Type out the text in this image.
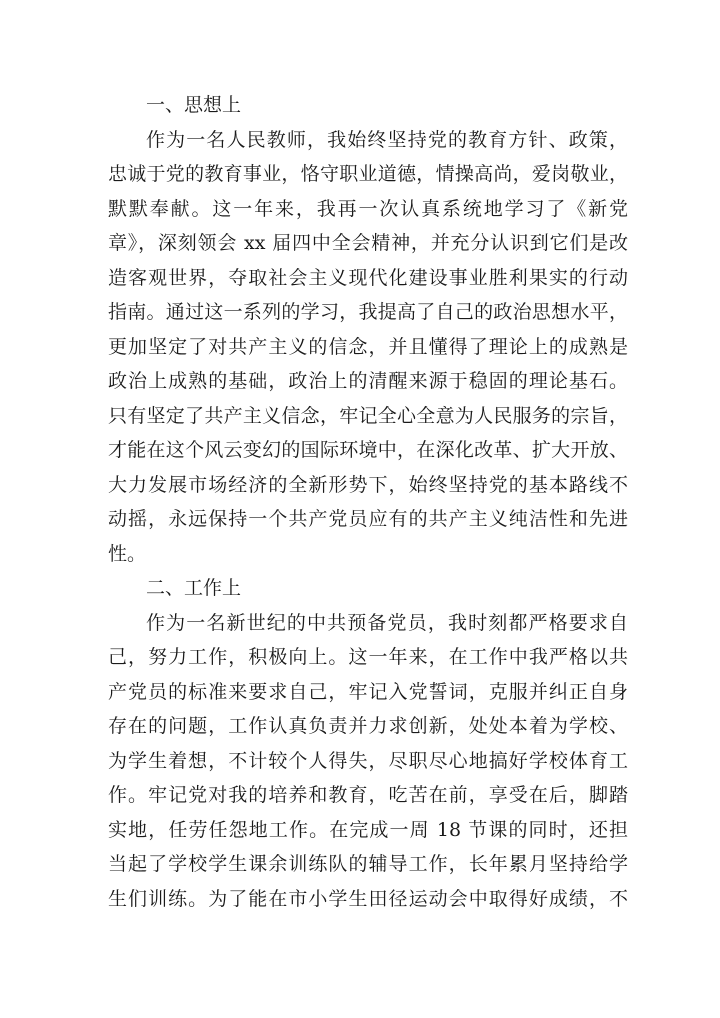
一、思想上
作为一名人民教师，我始终坚持党的教育方针、政策，
忠诚于党的教育事业，恪守职业道德，情操高尚，爱岗敬业，
默默奉献。这一年来，我再一次认真系统地学习了《新党
章》，深刻领会 xx 届四中全会精神，并充分认识到它们是改
造客观世界，夺取社会主义现代化建设事业胜利果实的行动
指南。通过这一系列的学习，我提高了自己的政治思想水平，
更加坚定了对共产主义的信念，并且懂得了理论上的成熟是
政治上成熟的基础，政治上的清醒来源于稳固的理论基石。
只有坚定了共产主义信念，牢记全心全意为人民服务的宗旨，
才能在这个风云变幻的国际环境中，在深化改革、扩大开放、
大力发展市场经济的全新形势下，始终坚持党的基本路线不
动摇，永远保持一个共产党员应有的共产主义纯洁性和先进
性。
二、工作上
作为一名新世纪的中共预备党员，我时刻都严格要求自
己，努力工作，积极向上。这一年来，在工作中我严格以共
产党员的标准来要求自己，牢记入党誓词，克服并纠正自身
存在的问题，工作认真负责并力求创新，处处本着为学校、
为学生着想，不计较个人得失，尽职尽心地搞好学校体育工
作。牢记党对我的培养和教育，吃苦在前，享受在后，脚踏
实地，任劳任怨地工作。在完成一周 18 节课的同时，还担
当起了学校学生课余训练队的辅导工作，长年累月坚持给学
生们训练。为了能在市小学生田径运动会中取得好成绩，不
